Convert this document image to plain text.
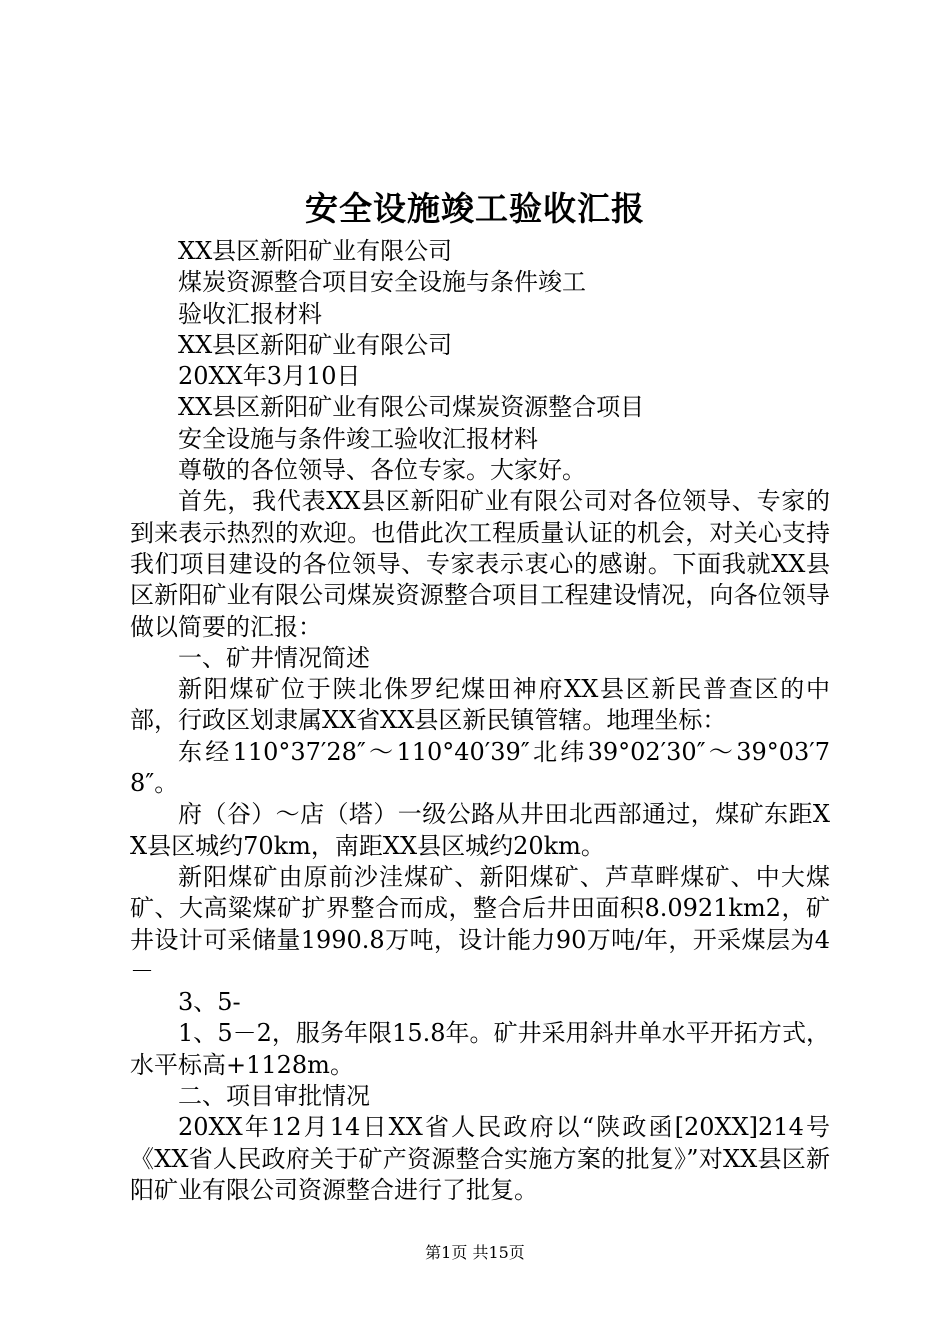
安全设施竣工验收汇报

XX县区新阳矿业有限公司

煤炭资源整合项目安全设施与条件竣工

验收汇报材料

XX县区新阳矿业有限公司

20XX年3月10日

XX县区新阳矿业有限公司煤炭资源整合项目

安全设施与条件竣工验收汇报材料

尊敬的各位领导、各位专家。大家好。

首先，我代表XX县区新阳矿业有限公司对各位领导、专家的到来表示热烈的欢迎。也借此次工程质量认证的机会，对关心支持我们项目建设的各位领导、专家表示衷心的感谢。下面我就XX县区新阳矿业有限公司煤炭资源整合项目工程建设情况，向各位领导做以简要的汇报：

一、矿井情况简述

新阳煤矿位于陕北侏罗纪煤田神府XX县区新民普查区的中部，行政区划隶属XX省XX县区新民镇管辖。地理坐标：

东经110°37′28″～110°40′39″北纬39°02′30″～39°03′78″。

府（谷）～店（塔）一级公路从井田北西部通过，煤矿东距XX县区城约70km，南距XX县区城约20km。

新阳煤矿由原前沙洼煤矿、新阳煤矿、芦草畔煤矿、中大煤矿、大高粱煤矿扩界整合而成，整合后井田面积8.0921km2，矿井设计可采储量1990.8万吨，设计能力90万吨/年，开采煤层为4－

3、5-

1、5－2，服务年限15.8年。矿井采用斜井单水平开拓方式，水平标高+1128m。

二、项目审批情况

20XX年12月14日XX省人民政府以“陕政函[20XX]214号《XX省人民政府关于矿产资源整合实施方案的批复》”对XX县区新阳矿业有限公司资源整合进行了批复。

第1页 共15页
